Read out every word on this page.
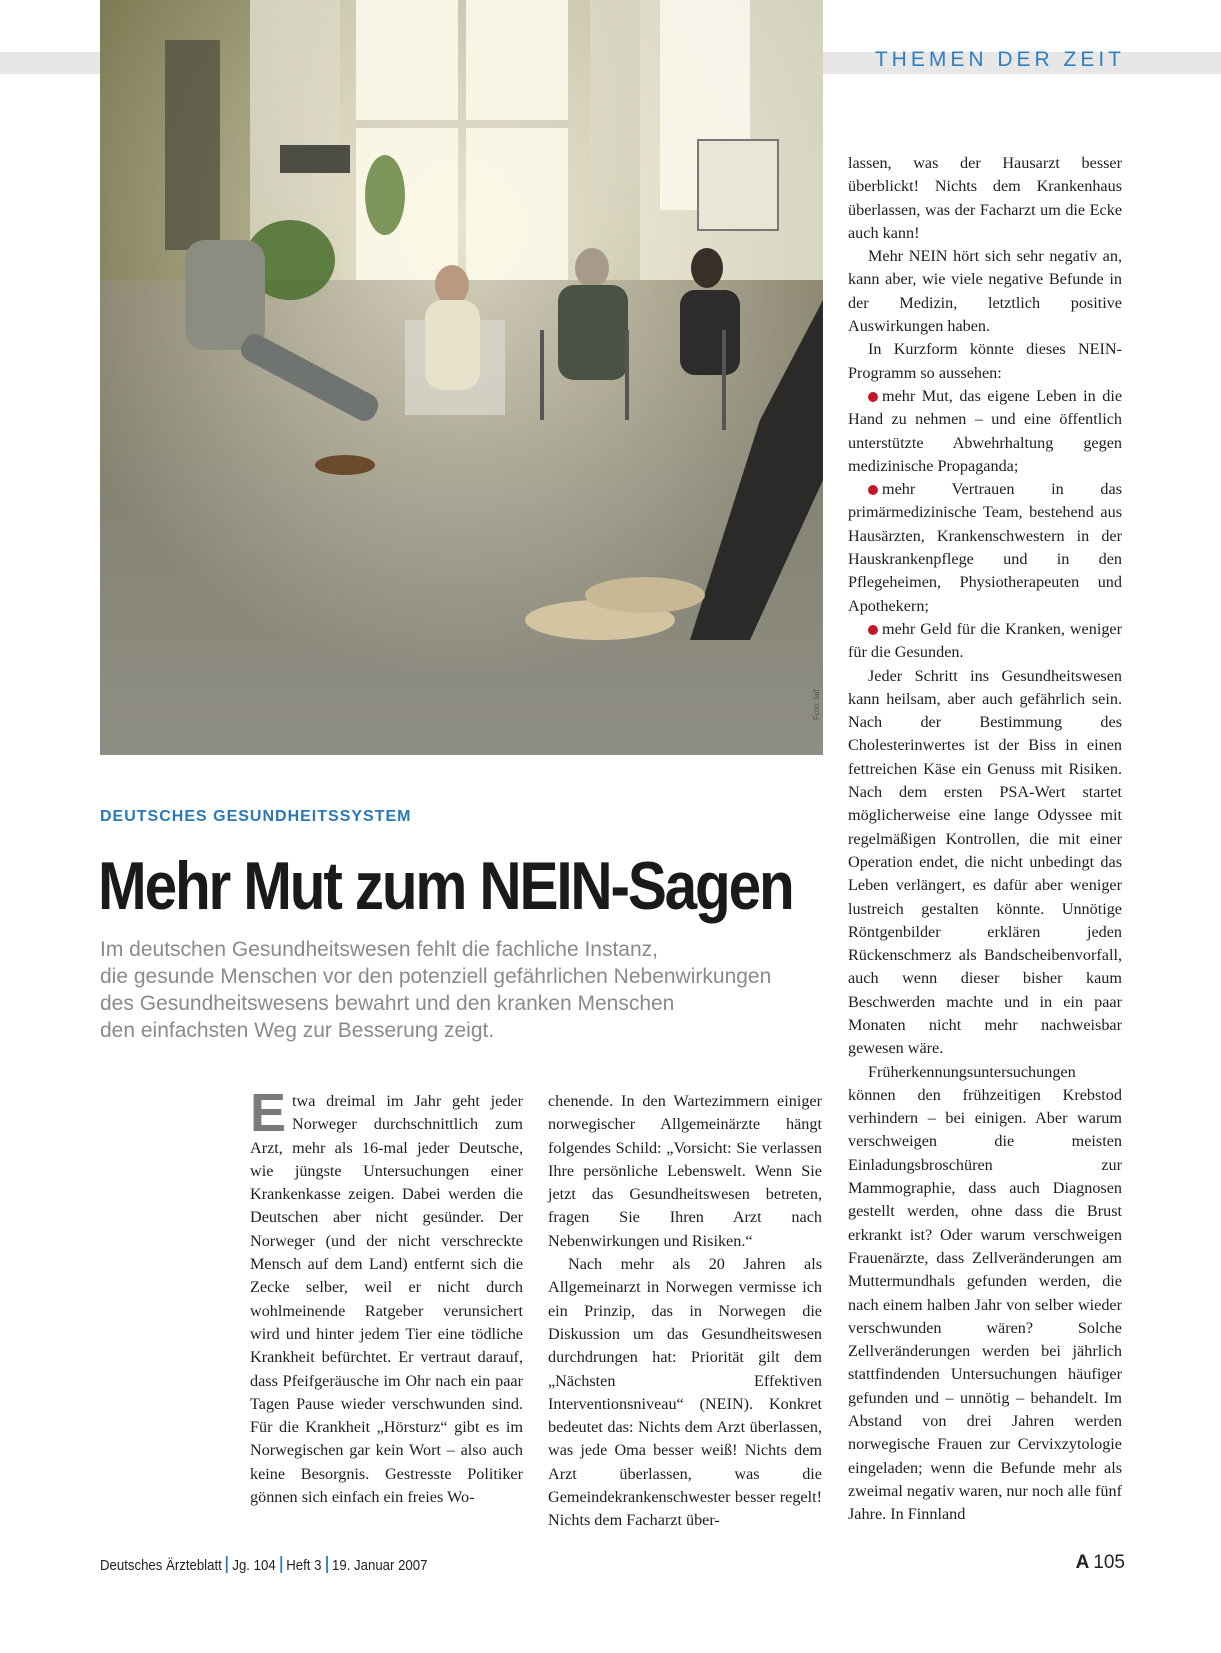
THEMEN DER ZEIT
Foto: laif
DEUTSCHES GESUNDHEITSSYSTEM
Mehr Mut zum NEIN-Sagen
Im deutschen Gesundheitswesen fehlt die fachliche Instanz,
die gesunde Menschen vor den potenziell gefährlichen Nebenwirkungen
des Gesundheitswesens bewahrt und den kranken Menschen
den einfachsten Weg zur Besserung zeigt.
E twa dreimal im Jahr geht jeder Norweger durchschnittlich zum Arzt, mehr als 16-mal jeder Deutsche, wie jüngste Untersuchungen einer Krankenkasse zeigen. Dabei werden die Deutschen aber nicht gesünder. Der Norweger (und der nicht verschreckte Mensch auf dem Land) entfernt sich die Zecke selber, weil er nicht durch wohlmeinende Ratgeber verunsichert wird und hinter jedem Tier eine tödliche Krankheit befürchtet. Er vertraut darauf, dass Pfeifgeräusche im Ohr nach ein paar Tagen Pause wieder verschwunden sind. Für die Krankheit „Hörsturz“ gibt es im Norwegischen gar kein Wort – also auch keine Besorgnis. Gestresste Politiker gönnen sich einfach ein freies Wo-

chenende. In den Wartezimmern einiger norwegischer Allgemeinärzte hängt folgendes Schild: „Vorsicht: Sie verlassen Ihre persönliche Lebenswelt. Wenn Sie jetzt das Gesundheitswesen betreten, fragen Sie Ihren Arzt nach Nebenwirkungen und Risiken.“

Nach mehr als 20 Jahren als Allgemeinarzt in Norwegen vermisse ich ein Prinzip, das in Norwegen die Diskussion um das Gesundheitswesen durchdrungen hat: Priorität gilt dem „Nächsten Effektiven Interventionsniveau“ (NEIN). Konkret bedeutet das: Nichts dem Arzt überlassen, was jede Oma besser weiß! Nichts dem Arzt überlassen, was die Gemeindekrankenschwester besser regelt! Nichts dem Facharzt über-

lassen, was der Hausarzt besser überblickt! Nichts dem Krankenhaus überlassen, was der Facharzt um die Ecke auch kann!

Mehr NEIN hört sich sehr negativ an, kann aber, wie viele negative Befunde in der Medizin, letztlich positive Auswirkungen haben.

In Kurzform könnte dieses NEIN-Programm so aussehen:

mehr Mut, das eigene Leben in die Hand zu nehmen – und eine öffentlich unterstützte Abwehrhaltung gegen medizinische Propaganda;

mehr Vertrauen in das primärmedizinische Team, bestehend aus Hausärzten, Krankenschwestern in der Hauskrankenpflege und in den Pflegeheimen, Physiotherapeuten und Apothekern;

mehr Geld für die Kranken, weniger für die Gesunden.

Jeder Schritt ins Gesundheitswesen kann heilsam, aber auch gefährlich sein. Nach der Bestimmung des Cholesterinwertes ist der Biss in einen fettreichen Käse ein Genuss mit Risiken. Nach dem ersten PSA-Wert startet möglicherweise eine lange Odyssee mit regelmäßigen Kontrollen, die mit einer Operation endet, die nicht unbedingt das Leben verlängert, es dafür aber weniger lustreich gestalten könnte. Unnötige Röntgenbilder erklären jeden Rückenschmerz als Bandscheibenvorfall, auch wenn dieser bisher kaum Beschwerden machte und in ein paar Monaten nicht mehr nachweisbar gewesen wäre.

Früherkennungsuntersuchungen können den frühzeitigen Krebstod verhindern – bei einigen. Aber warum verschweigen die meisten Einladungsbroschüren zur Mammographie, dass auch Diagnosen gestellt werden, ohne dass die Brust erkrankt ist? Oder warum verschweigen Frauenärzte, dass Zellveränderungen am Muttermundhals gefunden werden, die nach einem halben Jahr von selber wieder verschwunden wären? Solche Zellveränderungen werden bei jährlich stattfindenden Untersuchungen häufiger gefunden und – unnötig – behandelt. Im Abstand von drei Jahren werden norwegische Frauen zur Cervixzytologie eingeladen; wenn die Befunde mehr als zweimal negativ waren, nur noch alle fünf Jahre. In Finnland

Deutsches Ärzteblatt Jg. 104 Heft 3 19. Januar 2007	A 105
